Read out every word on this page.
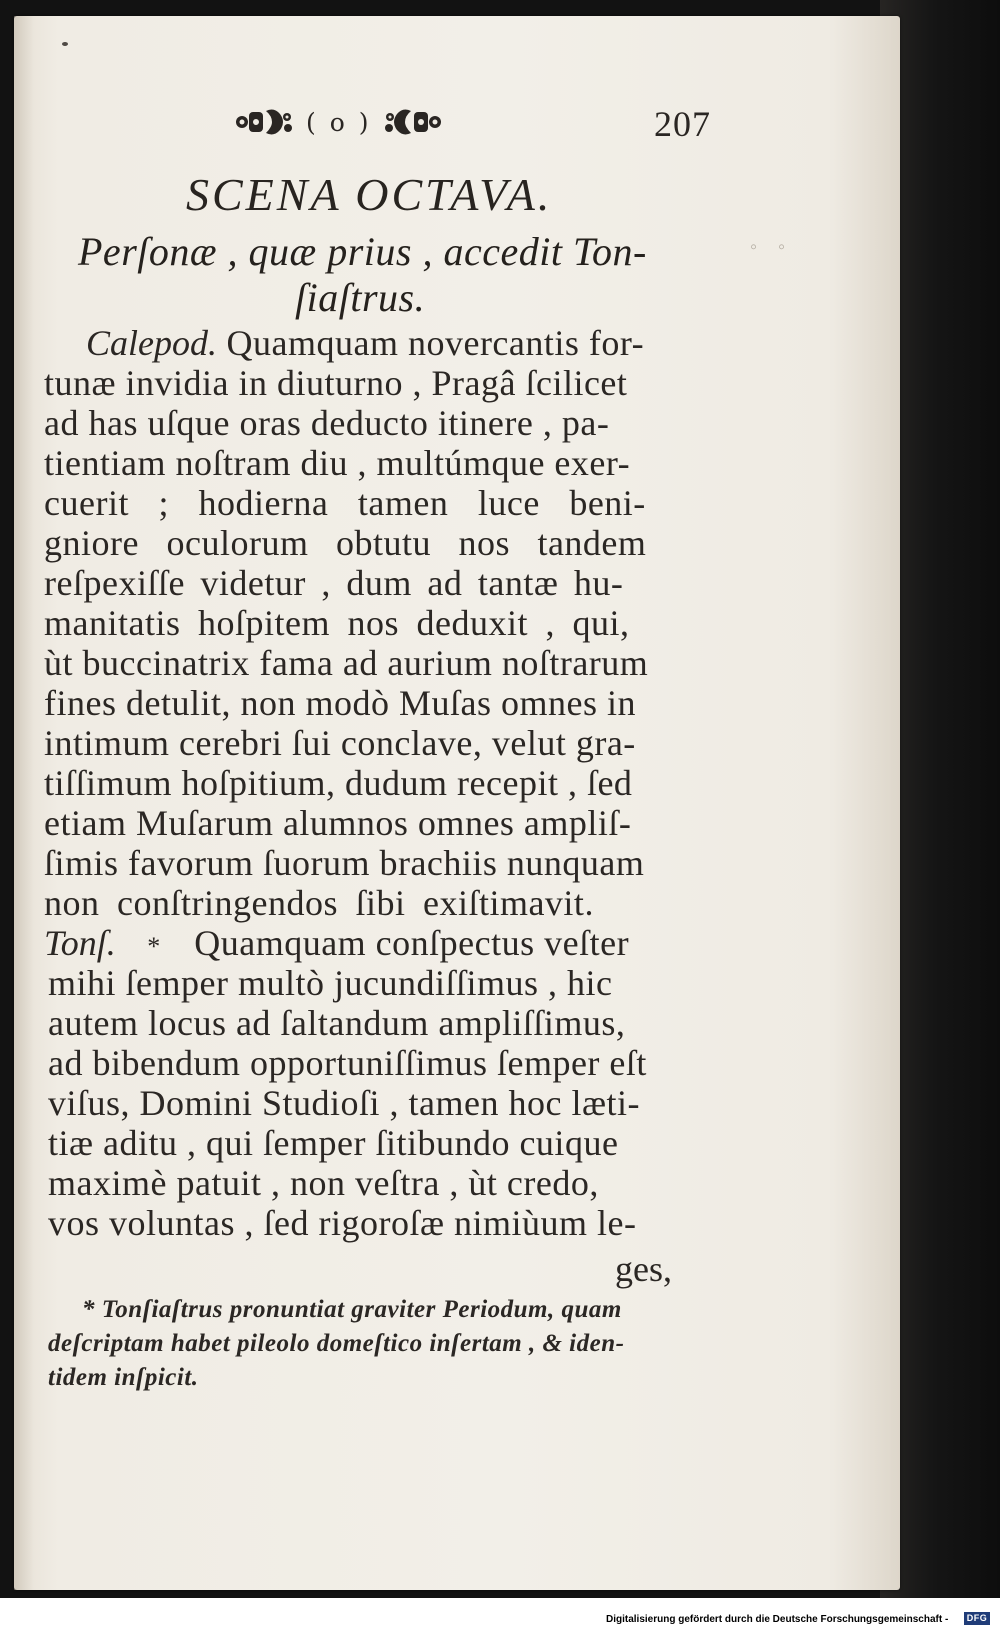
( o )	207
SCENA OCTAVA.
Perſonæ , quæ prius , accedit Ton-
ſiaſtrus.
Calepod. Quamquam novercantis for-
tunæ invidia in diuturno , Pragâ ſcilicet
ad has uſque oras deducto itinere , pa-
tientiam noſtram diu , multúmque exer-
cuerit ; hodierna tamen luce beni-
gniore oculorum obtutu nos tandem
reſpexiſſe videtur , dum ad tantæ hu-
manitatis hoſpitem nos deduxit , qui,
ùt buccinatrix fama ad aurium noſtrarum
fines detulit, non modò Muſas omnes in
intimum cerebri ſui conclave, velut gra-
tiſſimum hoſpitium, dudum recepit , ſed
etiam Muſarum alumnos omnes ampliſ-
ſimis favorum ſuorum brachiis nunquam
non conſtringendos ſibi exiſtimavit.
Tonſ. * Quamquam conſpectus veſter
mihi ſemper multò jucundiſſimus , hic
autem locus ad ſaltandum ampliſſimus,
ad bibendum opportuniſſimus ſemper eſt
viſus, Domini Studioſi , tamen hoc læti-
tiæ aditu , qui ſemper ſitibundo cuique
maximè patuit , non veſtra , ùt credo,
vos voluntas , ſed rigoroſæ nimiùum le-
ges,
* Tonſiaſtrus pronuntiat graviter Periodum, quam
deſcriptam habet pileolo domeſtico inſertam , & iden-
tidem inſpicit.
◦ ◦
Digitalisierung gefördert durch die Deutsche Forschungsgemeinschaft -	DFG
